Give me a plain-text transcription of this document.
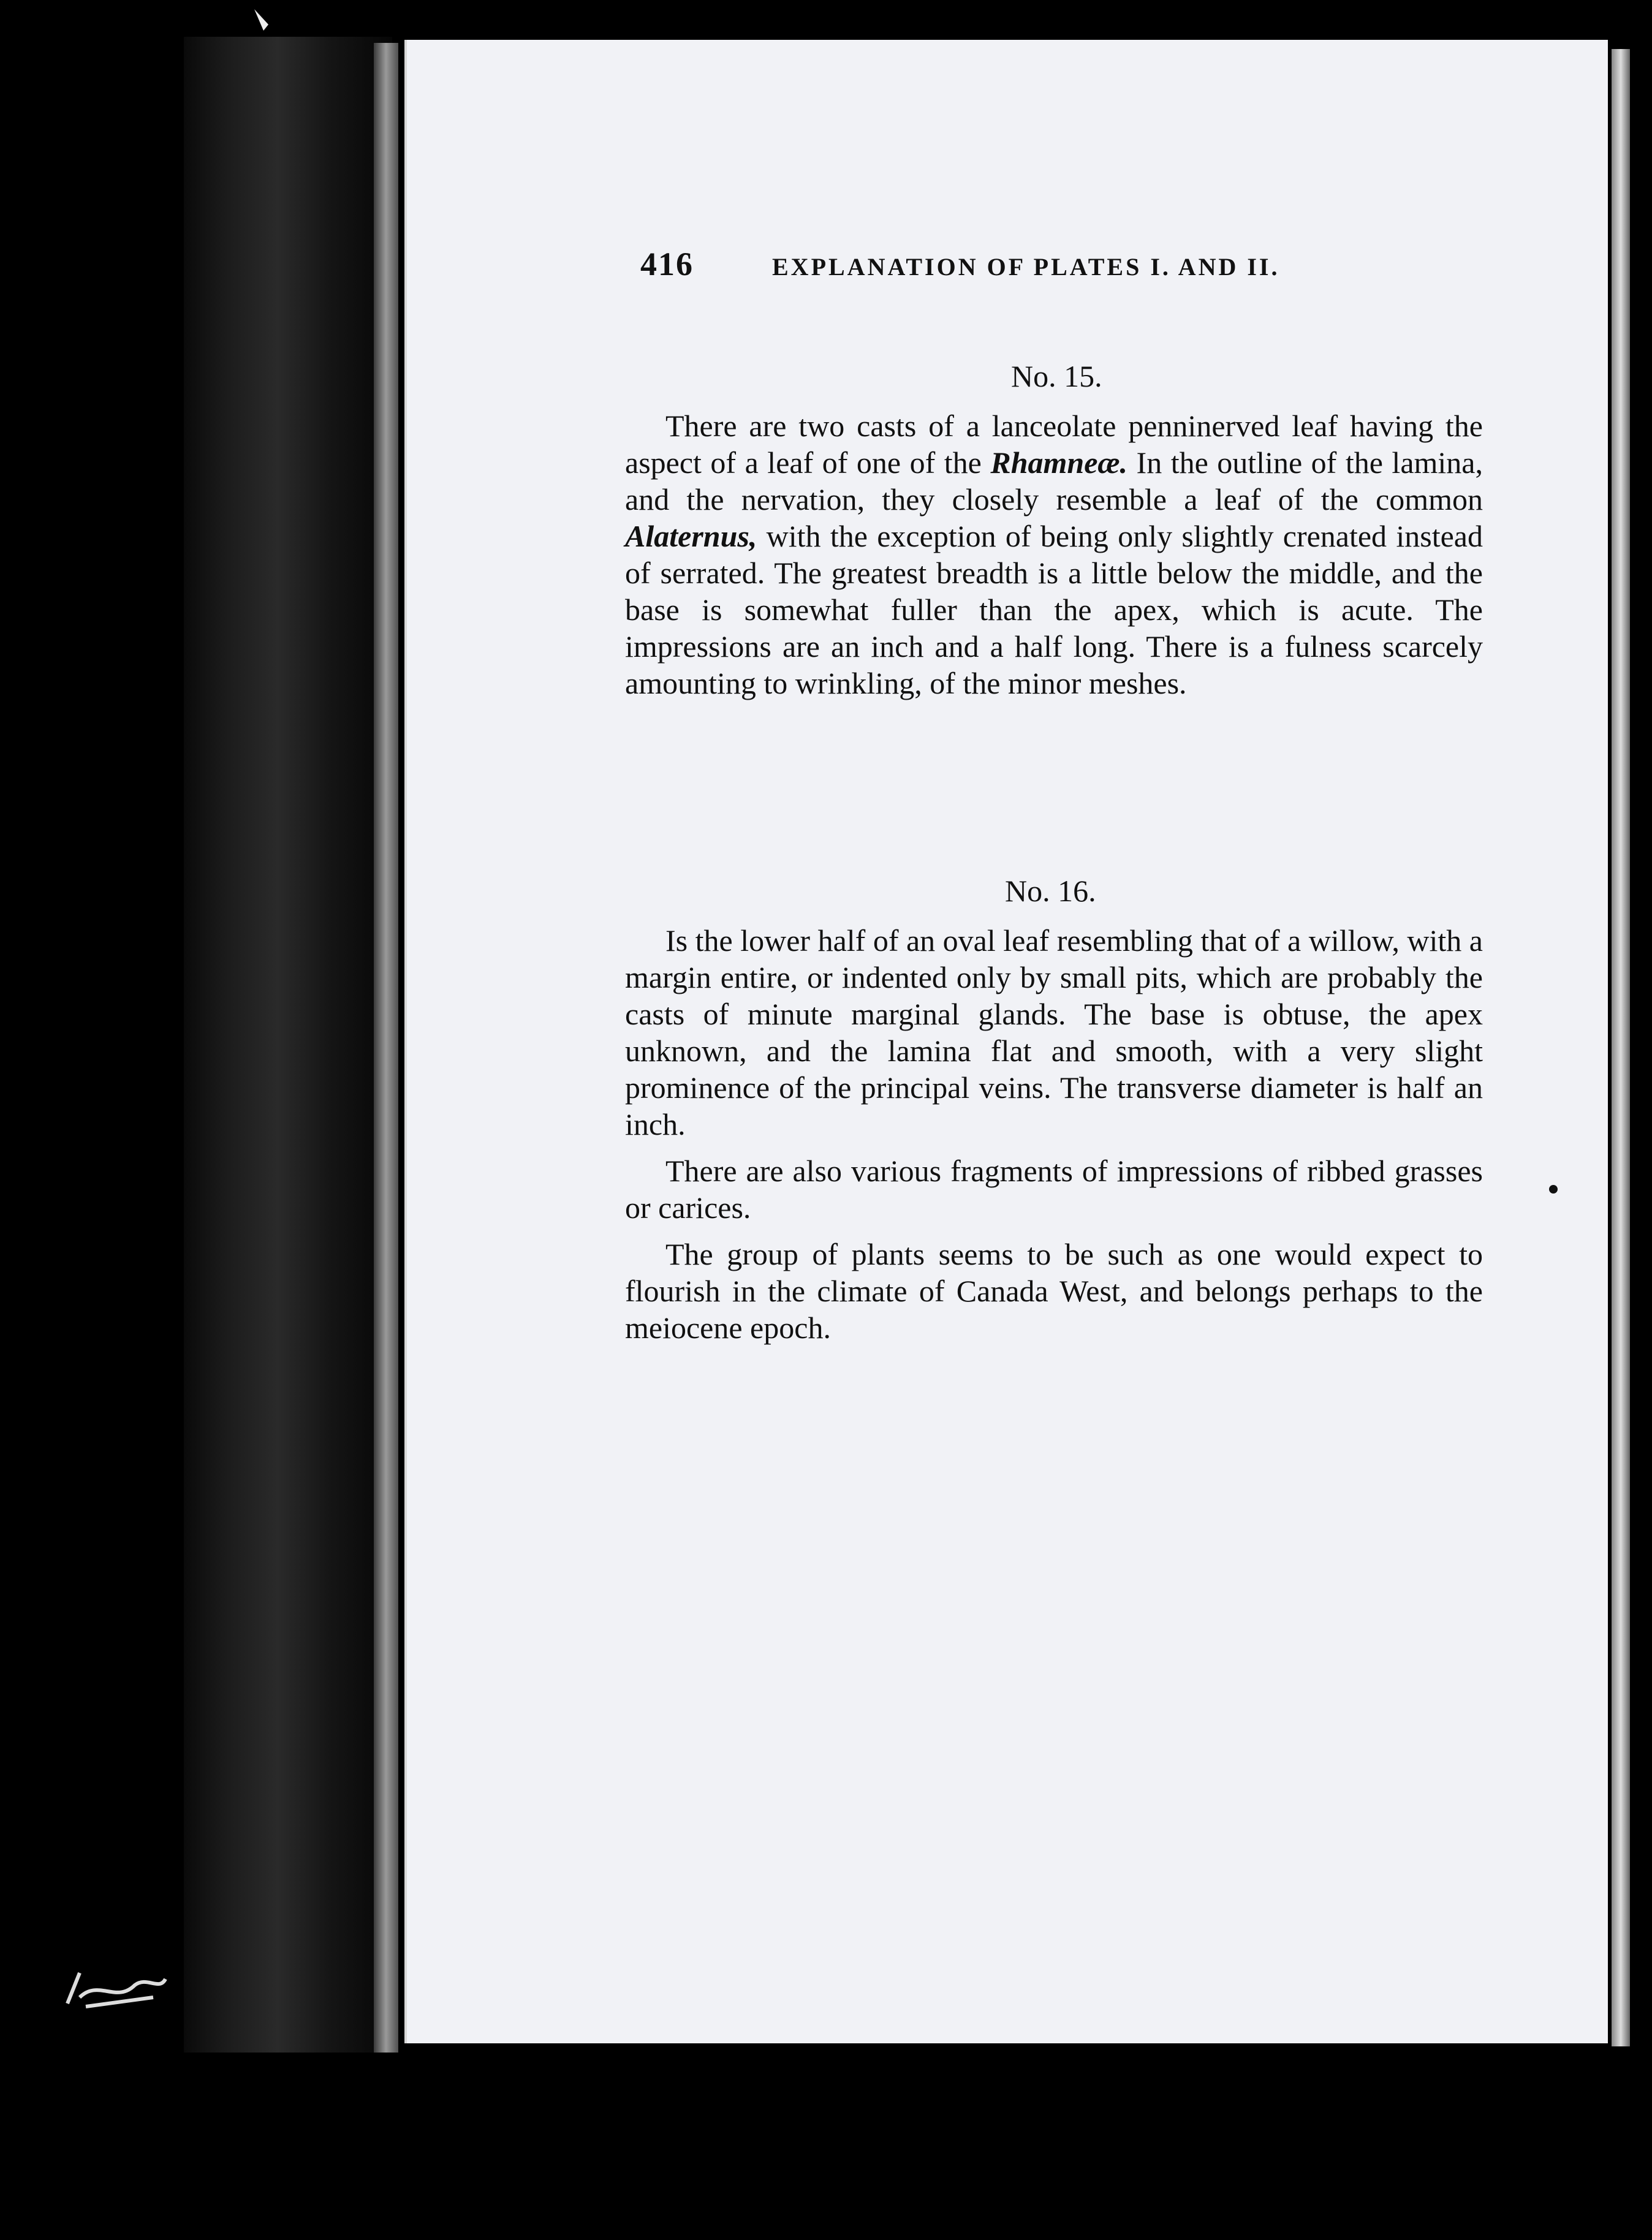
416	EXPLANATION OF PLATES I. AND II.
No. 15.

There are two casts of a lanceolate penninerved leaf having the aspect of a leaf of one of the Rhamneæ. In the outline of the lamina, and the nervation, they closely resemble a leaf of the common Alaternus, with the exception of being only slightly crenated instead of serrated. The greatest breadth is a little below the middle, and the base is somewhat fuller than the apex, which is acute. The impressions are an inch and a half long. There is a fulness scarcely amounting to wrinkling, of the minor meshes.

No. 16.

Is the lower half of an oval leaf resembling that of a willow, with a margin entire, or indented only by small pits, which are probably the casts of minute marginal glands. The base is obtuse, the apex unknown, and the lamina flat and smooth, with a very slight prominence of the principal veins. The transverse diameter is half an inch.

There are also various fragments of impressions of ribbed grasses or carices.

The group of plants seems to be such as one would expect to flourish in the climate of Canada West, and belongs perhaps to the meiocene epoch.
